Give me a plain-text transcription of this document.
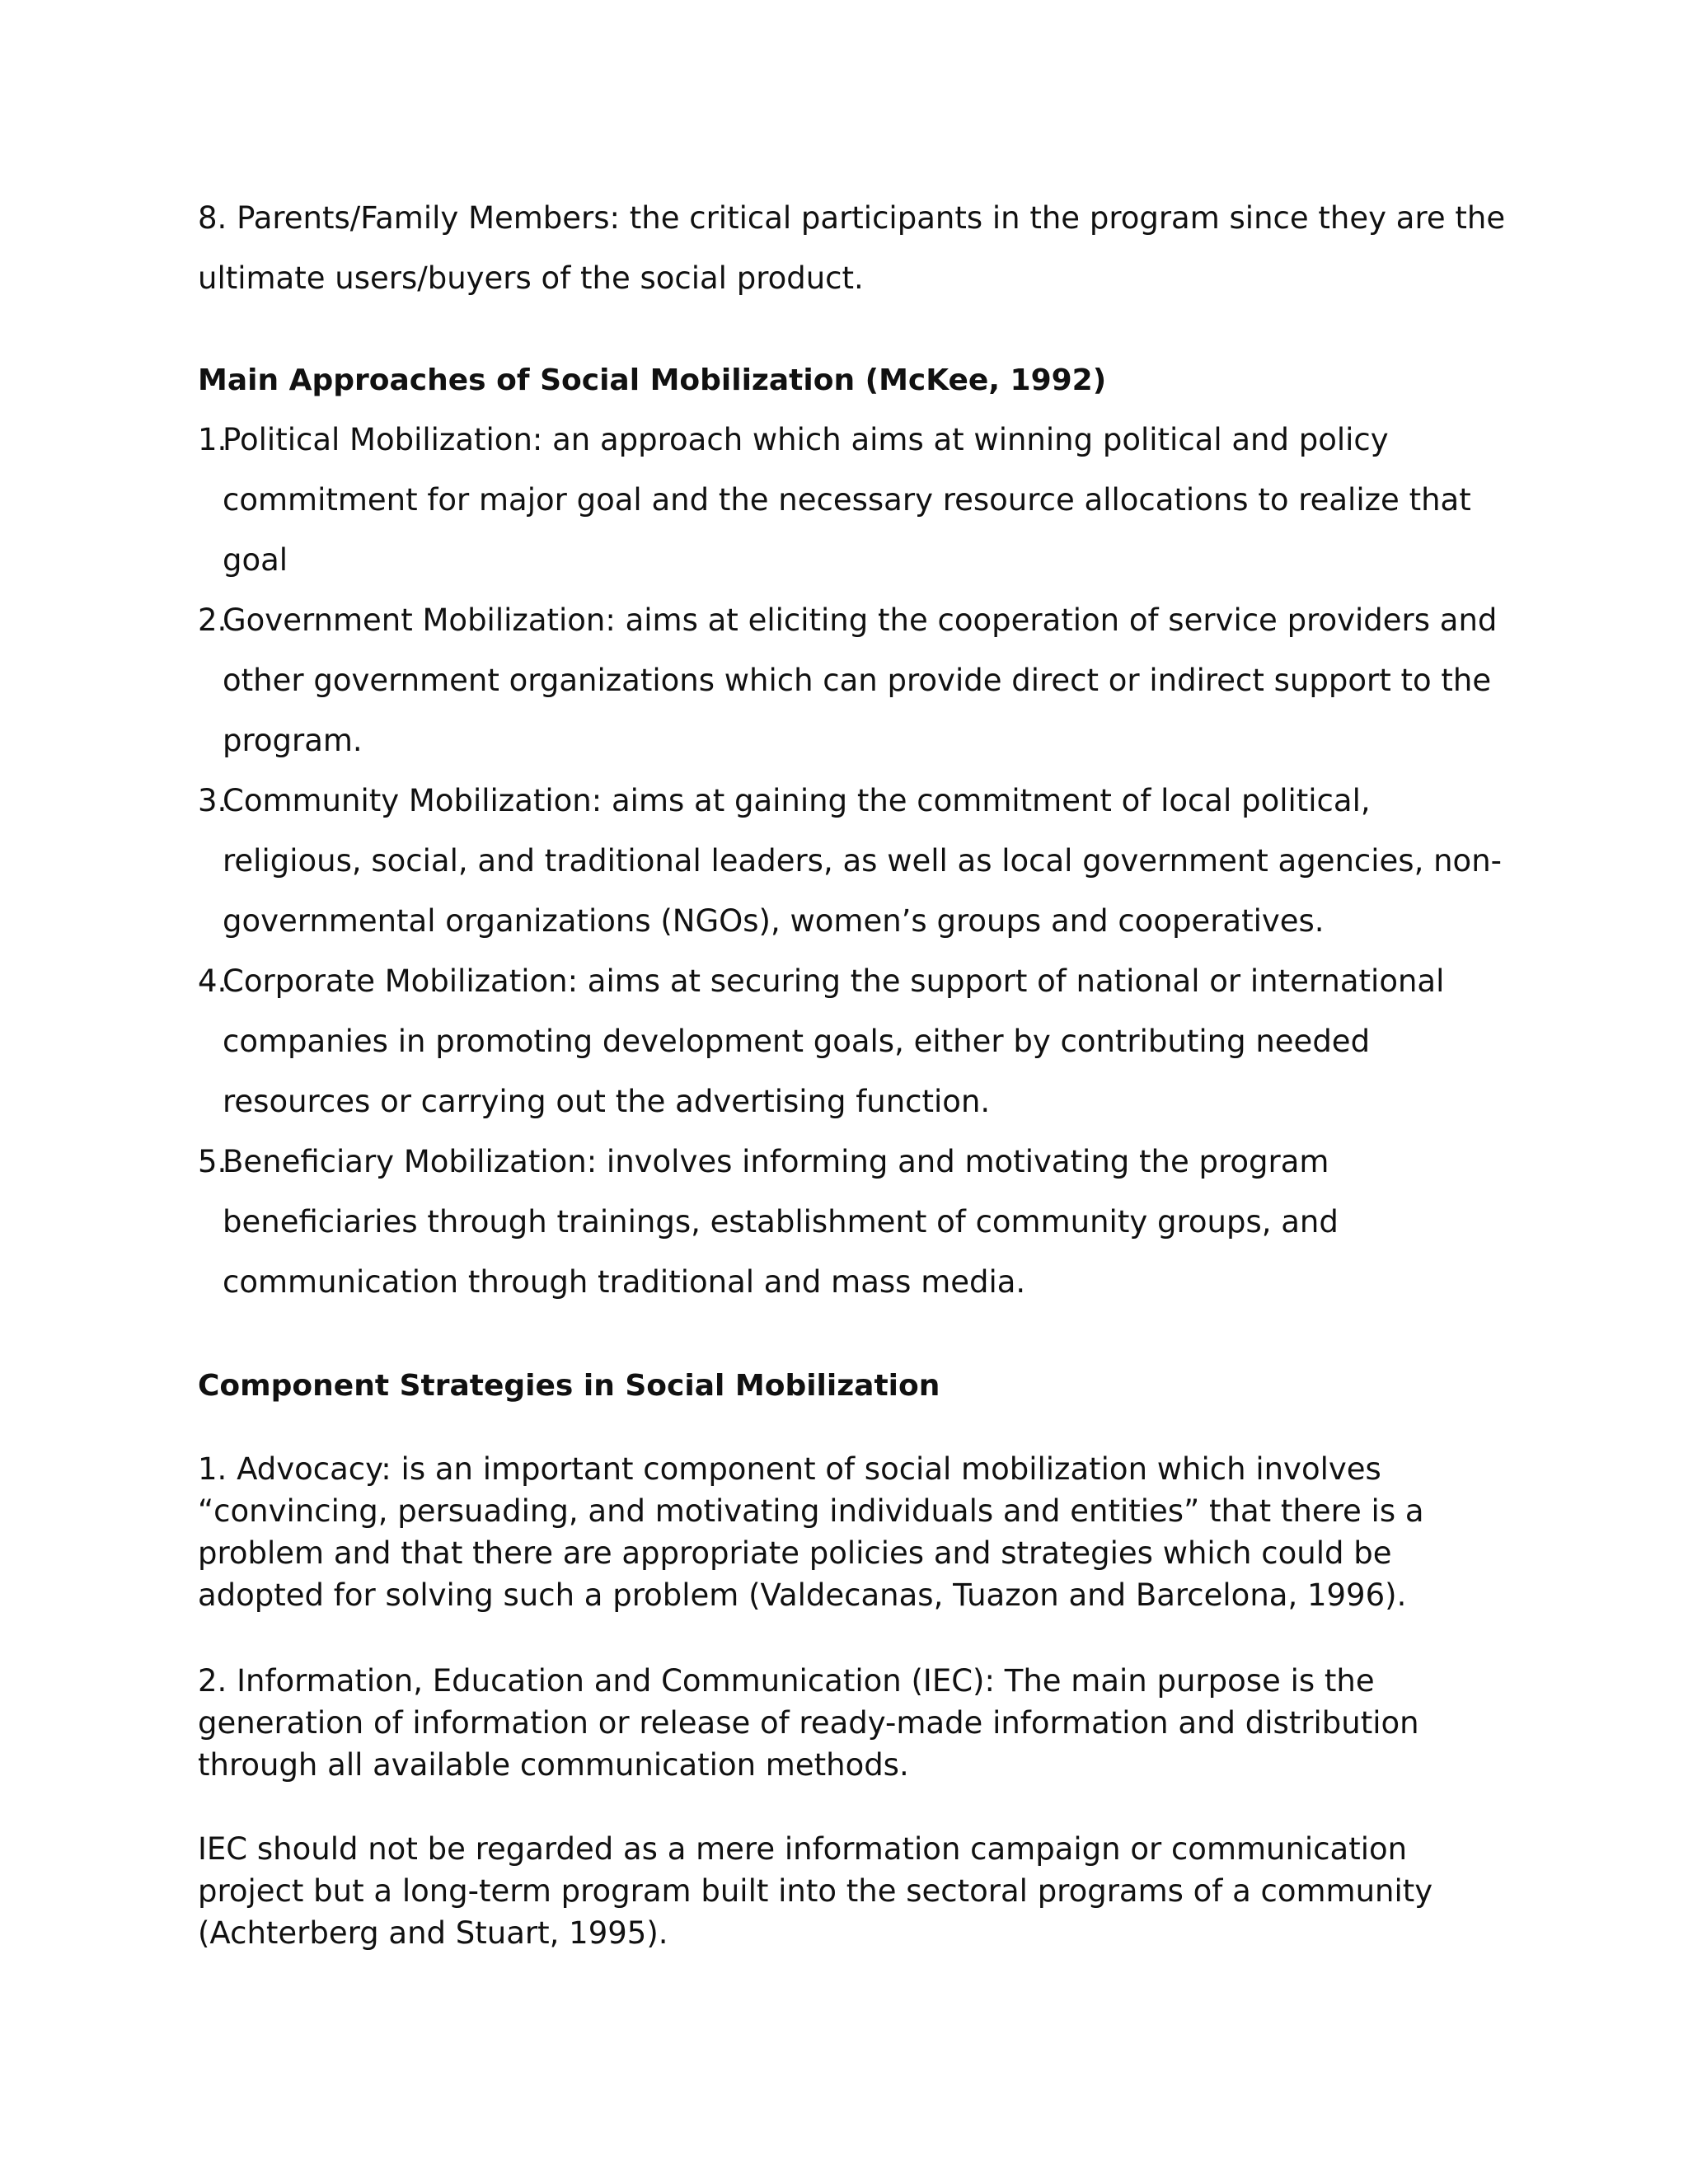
8. Parents/Family Members: the critical participants in the program since they are the ultimate users/buyers of the social product.

Main Approaches of Social Mobilization (McKee, 1992)
1.
Political Mobilization: an approach which aims at winning political and policy commitment for major goal and the necessary resource allocations to realize that goal
2.
Government Mobilization: aims at eliciting the cooperation of service providers and other government organizations which can provide direct or indirect support to the program.
3.
Community Mobilization: aims at gaining the commitment of local political, religious, social, and traditional leaders, as well as local government agencies, non-governmental organizations (NGOs), women’s groups and cooperatives.
4.
Corporate Mobilization: aims at securing the support of national or international companies in promoting development goals, either by contributing needed resources or carrying out the advertising function.
5.
Beneficiary Mobilization: involves informing and motivating the program beneficiaries through trainings, establishment of community groups, and communication through traditional and mass media.
Component Strategies in Social Mobilization

1. Advocacy: is an important component of social mobilization which involves “convincing, persuading, and motivating individuals and entities” that there is a problem and that there are appropriate policies and strategies which could be adopted for solving such a problem (Valdecanas, Tuazon and Barcelona, 1996).

2. Information, Education and Communication (IEC): The main purpose is the generation of information or release of ready-made information and distribution through all available communication methods.

IEC should not be regarded as a mere information campaign or communication project but a long-term program built into the sectoral programs of a community (Achterberg and Stuart, 1995).
